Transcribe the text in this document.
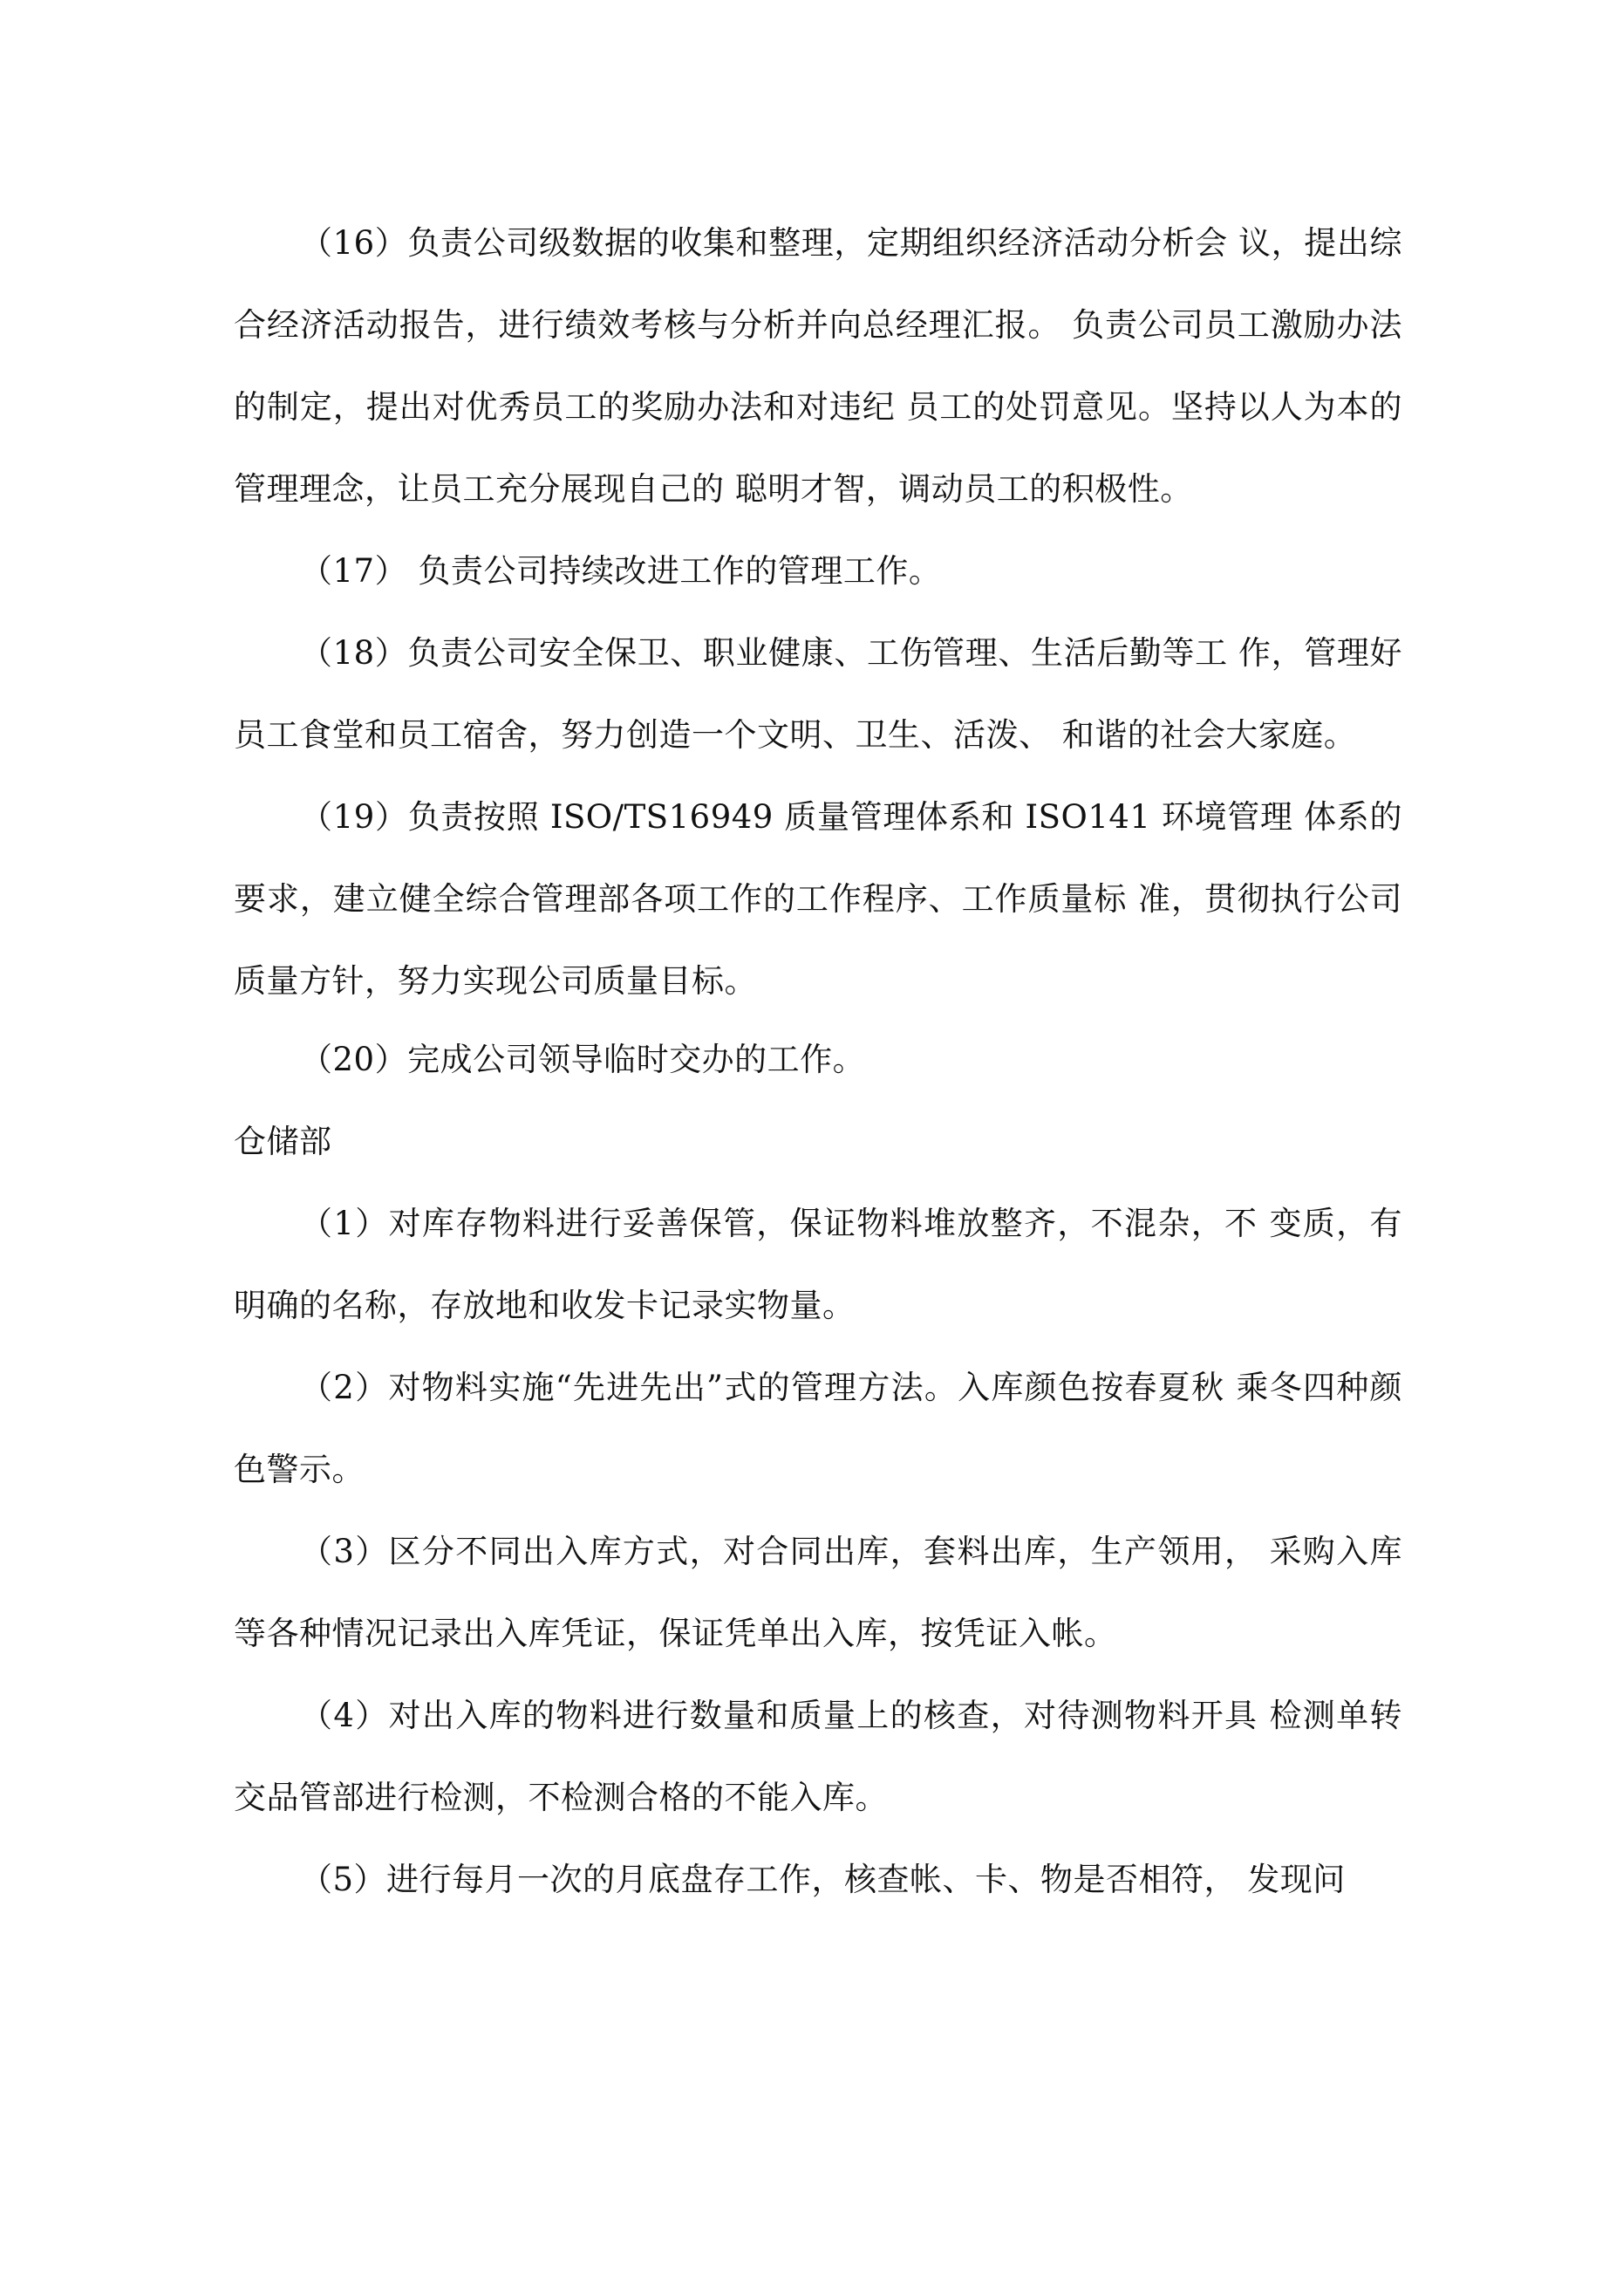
（16）负责公司级数据的收集和整理，定期组织经济活动分析会 议，提出综合经济活动报告，进行绩效考核与分析并向总经理汇报。 负责公司员工激励办法的制定，提出对优秀员工的奖励办法和对违纪 员工的处罚意见。坚持以人为本的管理理念，让员工充分展现自己的 聪明才智，调动员工的积极性。

（17） 负责公司持续改进工作的管理工作。

（18）负责公司安全保卫、职业健康、工伤管理、生活后勤等工 作，管理好员工食堂和员工宿舍，努力创造一个文明、卫生、活泼、 和谐的社会大家庭。

（19）负责按照 ISO/TS16949 质量管理体系和 ISO141 环境管理 体系的要求，建立健全综合管理部各项工作的工作程序、工作质量标 准，贯彻执行公司质量方针，努力实现公司质量目标。

（20）完成公司领导临时交办的工作。

仓储部

（1）对库存物料进行妥善保管，保证物料堆放整齐，不混杂，不 变质，有明确的名称，存放地和收发卡记录实物量。

（2）对物料实施“先进先出”式的管理方法。入库颜色按春夏秋 乘冬四种颜色警示。

（3）区分不同出入库方式，对合同出库，套料出库，生产领用， 采购入库等各种情况记录出入库凭证，保证凭单出入库，按凭证入帐。

（4）对出入库的物料进行数量和质量上的核查，对待测物料开具 检测单转交品管部进行检测，不检测合格的不能入库。

（5）进行每月一次的月底盘存工作，核查帐、卡、物是否相符， 发现问
